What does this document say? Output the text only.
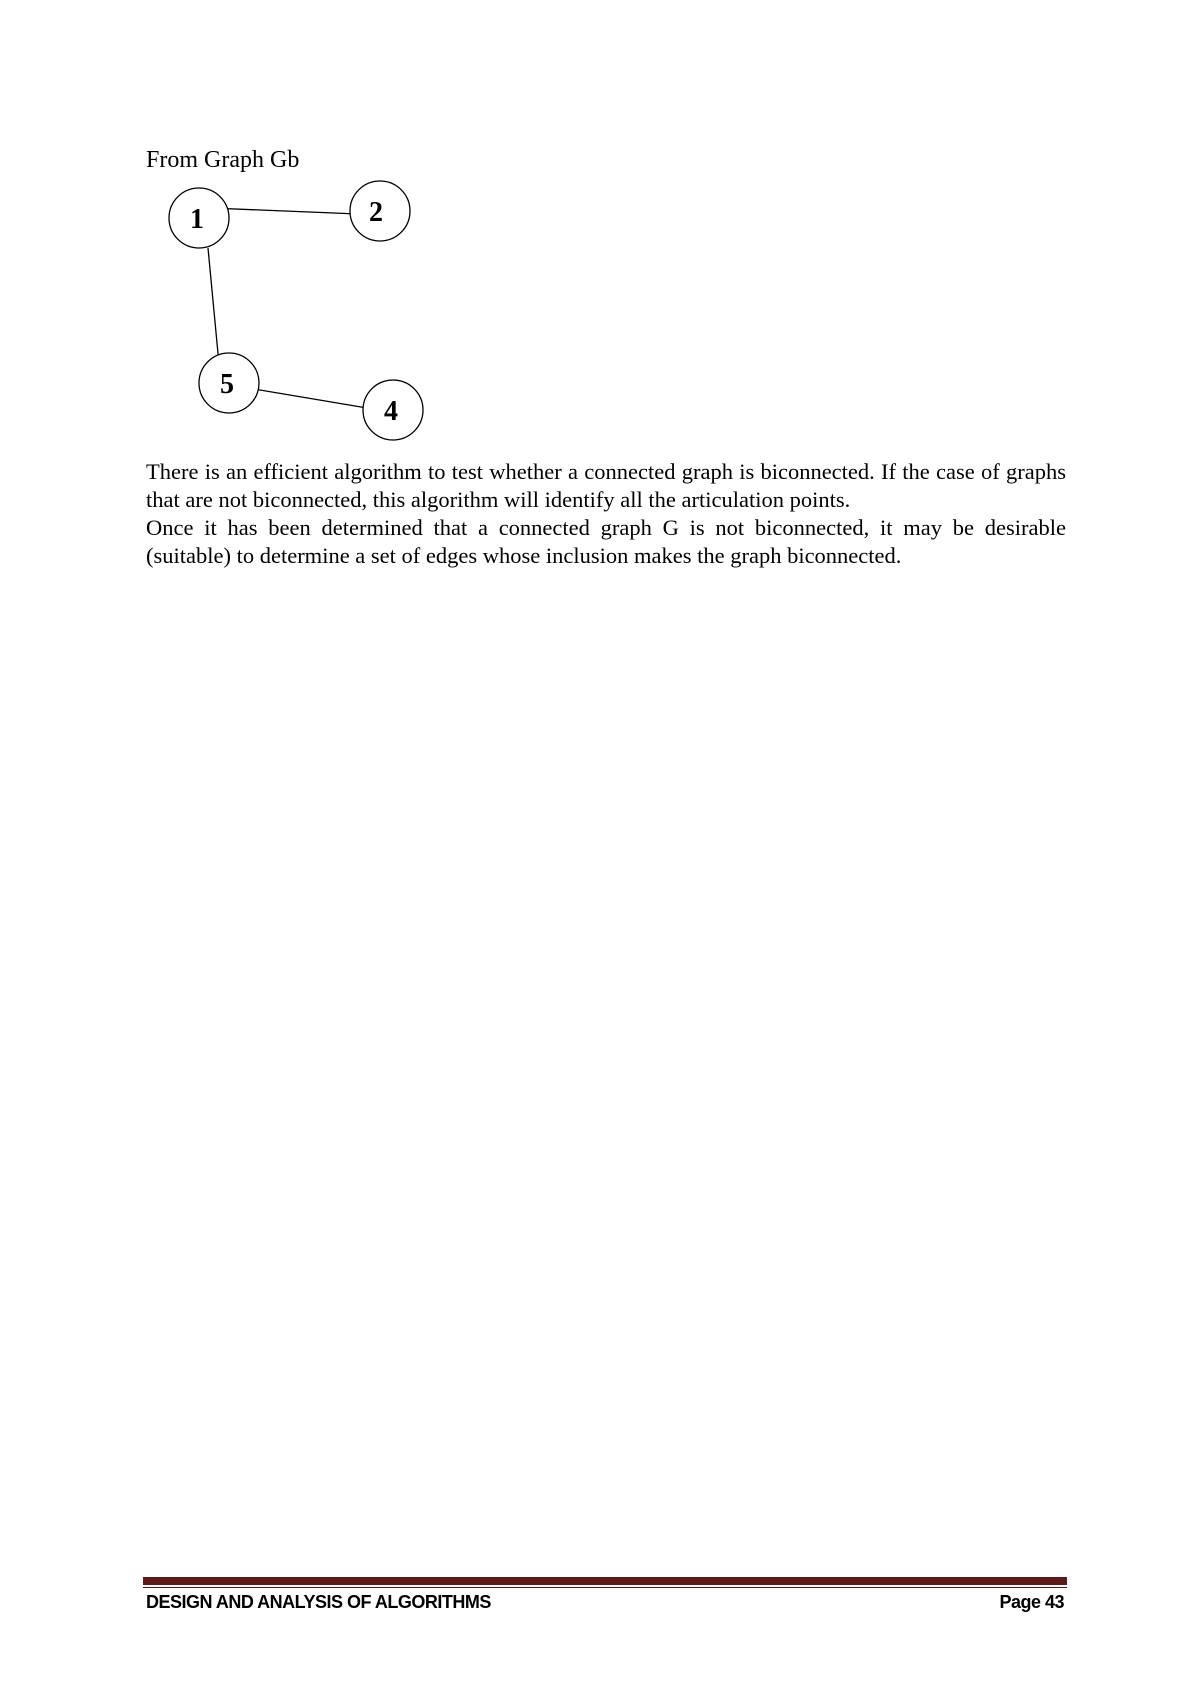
From Graph Gb
1	2
5
4

There is an efficient algorithm to test whether a connected graph is biconnected. If the case of graphs that are not biconnected, this algorithm will identify all the articulation points.

Once it has been determined that a connected graph G is not biconnected, it may be desirable (suitable) to determine a set of edges whose inclusion makes the graph biconnected.

DESIGN AND ANALYSIS OF ALGORITHMS	Page 43
